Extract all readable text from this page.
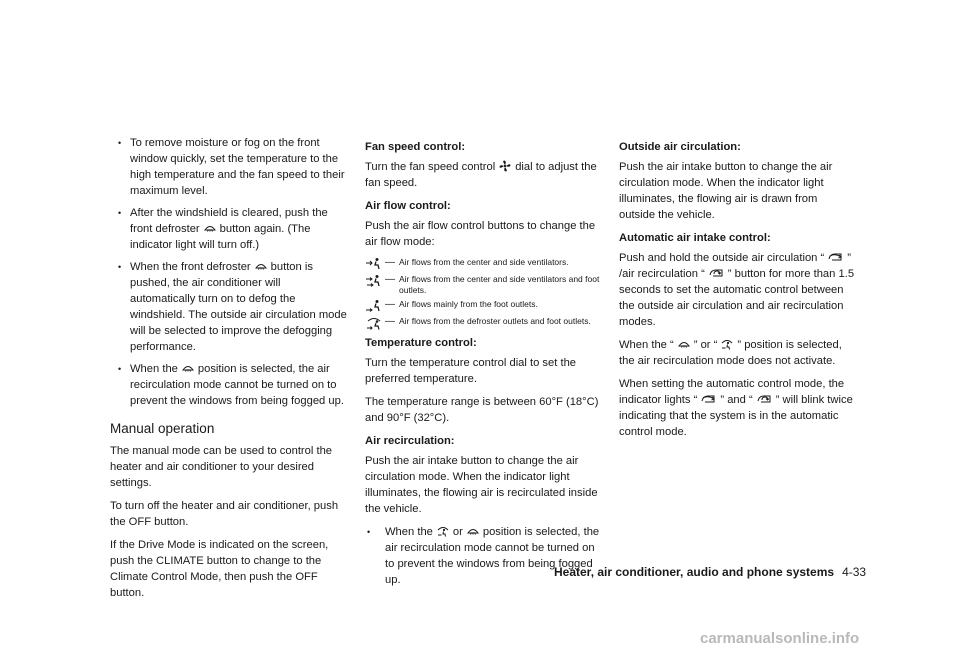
• To remove moisture or fog on the front window quickly, set the temperature to the high temperature and the fan speed to their maximum level.
• After the windshield is cleared, push the front defroster button again. (The indicator light will turn off.)
• When the front defroster button is pushed, the air conditioner will automatically turn on to defog the windshield. The outside air circulation mode will be selected to improve the defogging performance.
• When the position is selected, the air recirculation mode cannot be turned on to prevent the windows from being fogged up.
Manual operation

The manual mode can be used to control the heater and air conditioner to your desired settings.

To turn off the heater and air conditioner, push the OFF button.

If the Drive Mode is indicated on the screen, push the CLIMATE button to change to the Climate Control Mode, then push the OFF button.

Fan speed control:

Turn the fan speed control dial to adjust the fan speed.

Air flow control:

Push the air flow control buttons to change the air flow mode:

— Air flows from the center and side ventilators.
— Air flows from the center and side ventilators and foot outlets.
— Air flows mainly from the foot outlets.
— Air flows from the defroster outlets and foot outlets.
Temperature control:

Turn the temperature control dial to set the preferred temperature.

The temperature range is between 60°F (18°C) and 90°F (32°C).

Air recirculation:

Push the air intake button to change the air circulation mode. When the indicator light illuminates, the flowing air is recirculated inside the vehicle.

• When the or position is selected, the air recirculation mode cannot be turned on to prevent the windows from being fogged up.
Outside air circulation:

Push the air intake button to change the air circulation mode. When the indicator light illuminates, the flowing air is drawn from outside the vehicle.

Automatic air intake control:

Push and hold the outside air circulation “ ” /air recirculation “ ” button for more than 1.5 seconds to set the automatic control between the outside air circulation and air recirculation modes.

When the “ ” or “ ” position is selected, the air recirculation mode does not activate.

When setting the automatic control mode, the indicator lights “ ” and “ ” will blink twice indicating that the system is in the automatic control mode.

Heater, air conditioner, audio and phone systems 4-33
carmanualsonline.info
